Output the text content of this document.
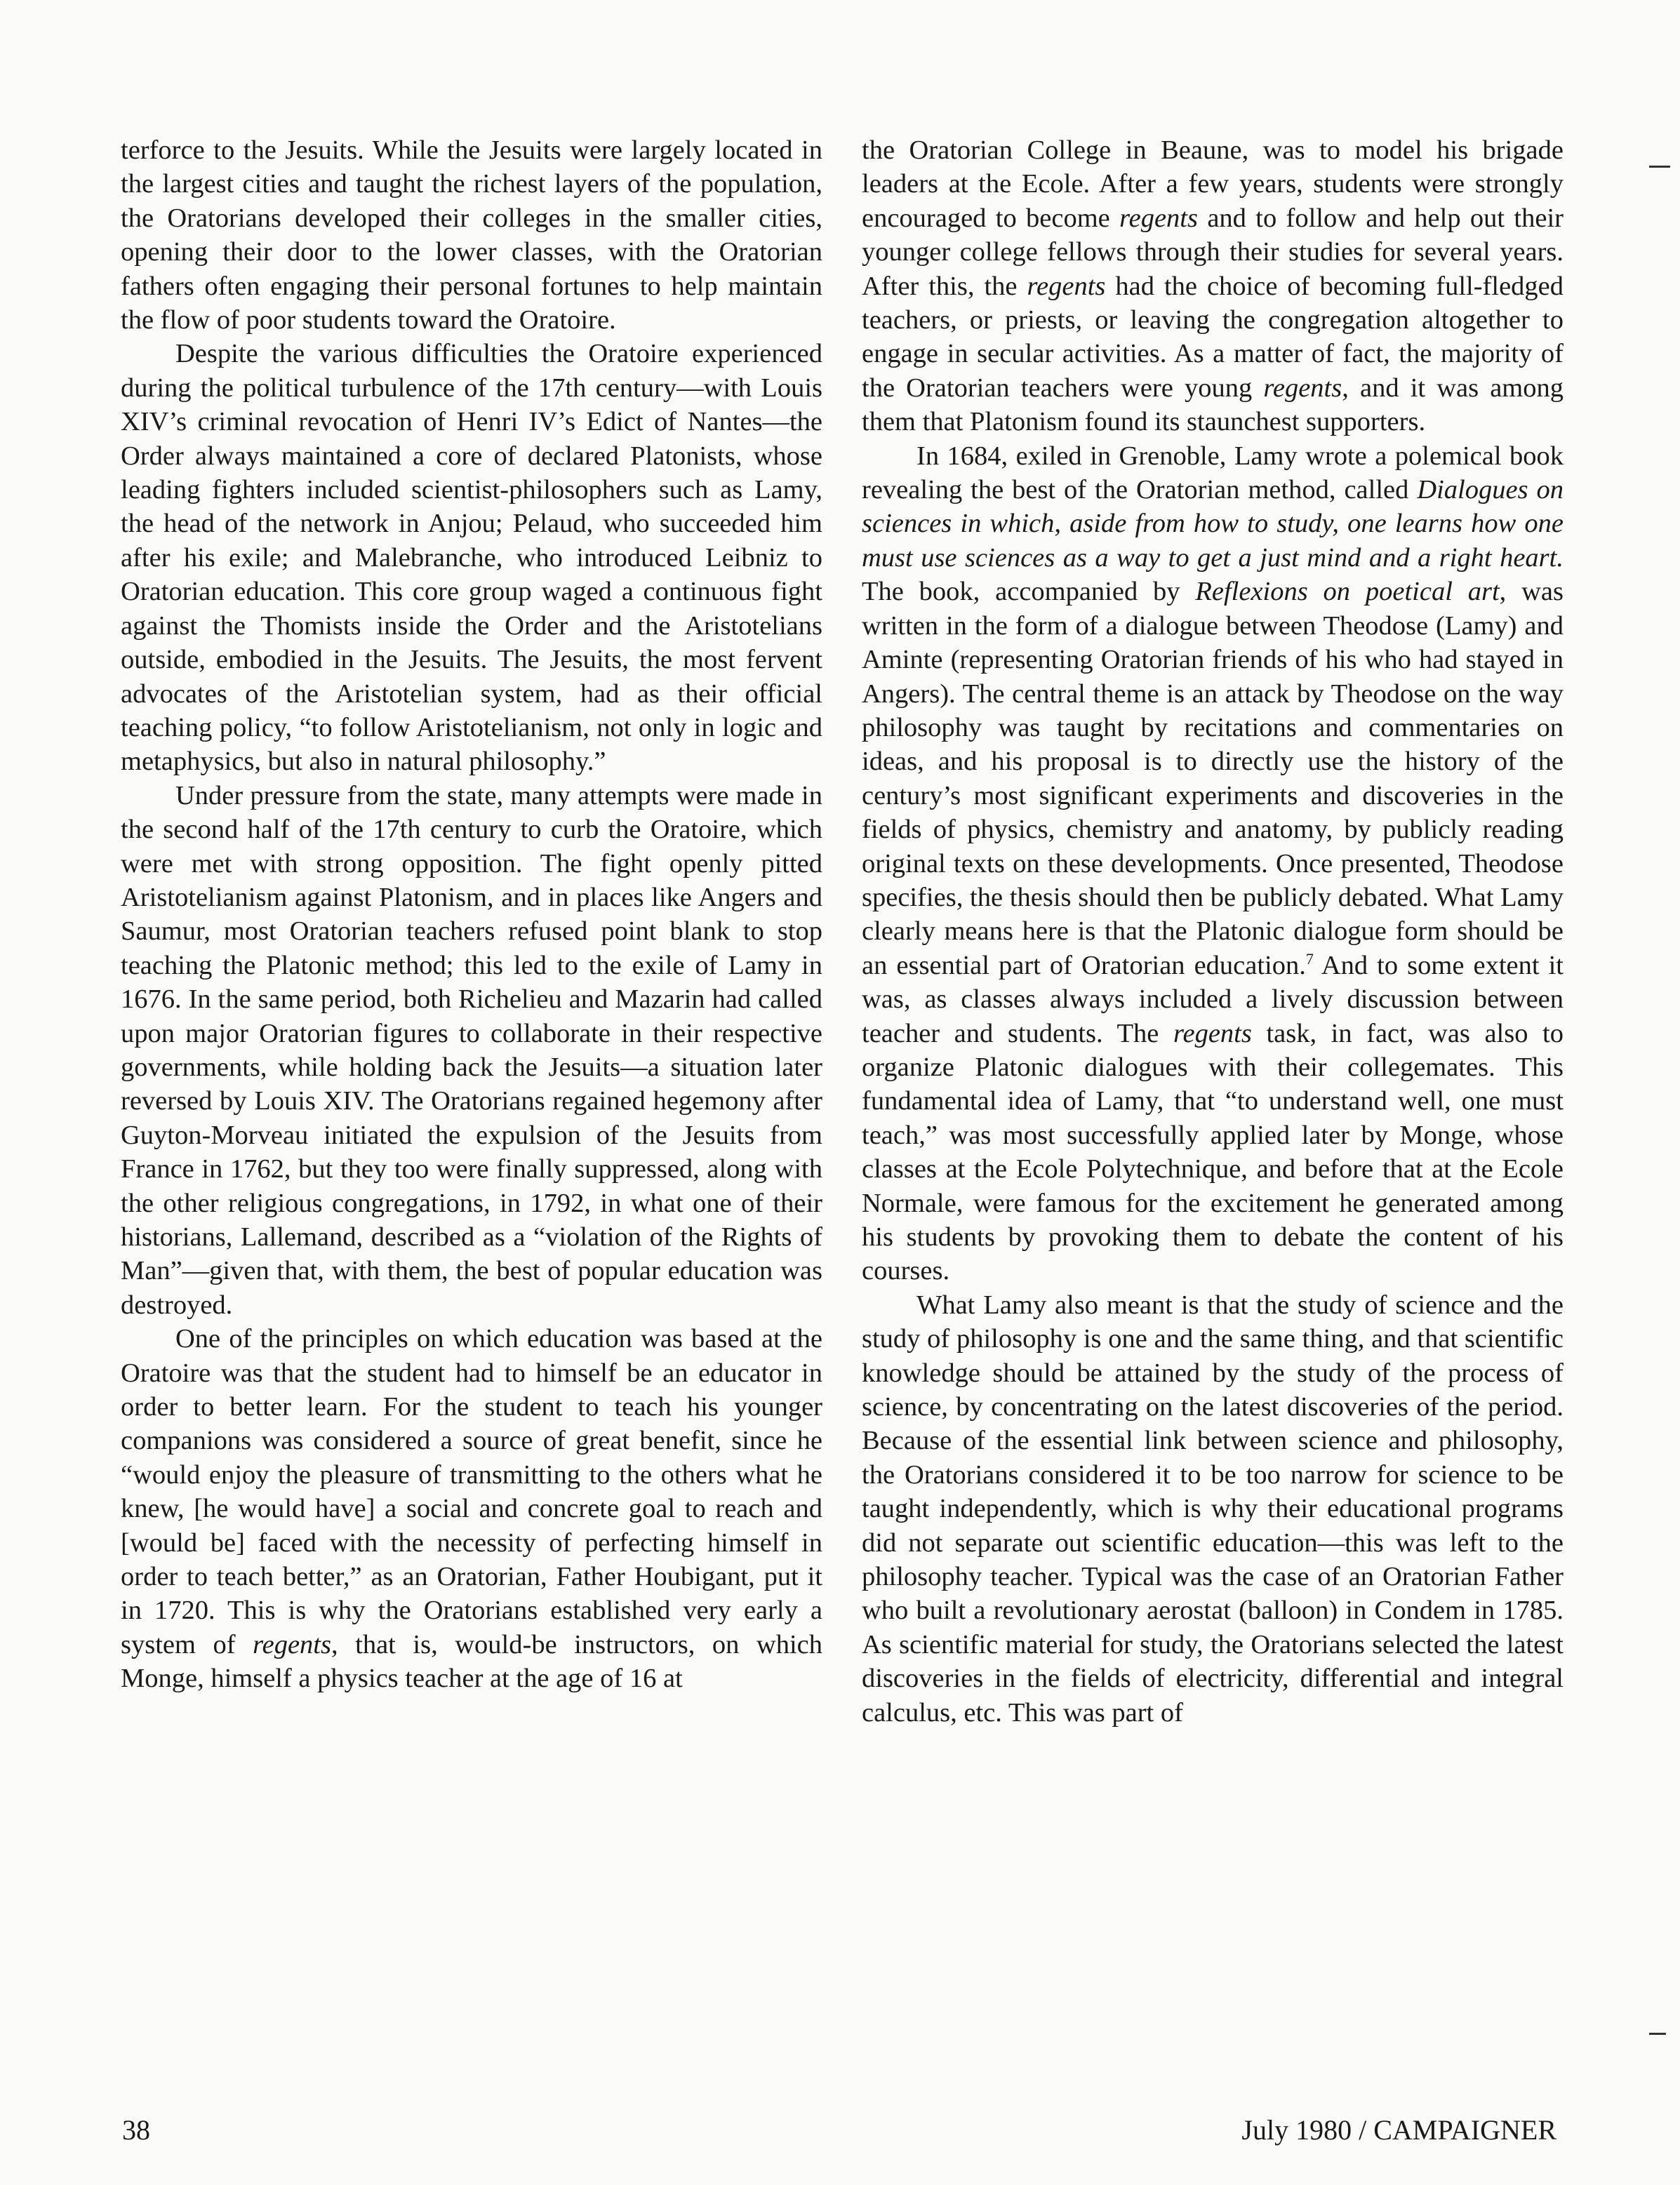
terforce to the Jesuits. While the Jesuits were largely located in the largest cities and taught the richest layers of the population, the Oratorians developed their colleges in the smaller cities, opening their door to the lower classes, with the Oratorian fathers often engaging their personal fortunes to help maintain the flow of poor students toward the Oratoire.

Despite the various difficulties the Oratoire experienced during the political turbulence of the 17th century—with Louis XIV’s criminal revocation of Henri IV’s Edict of Nantes—the Order always maintained a core of declared Platonists, whose leading fighters included scientist-philosophers such as Lamy, the head of the network in Anjou; Pelaud, who succeeded him after his exile; and Malebranche, who introduced Leibniz to Oratorian education. This core group waged a continuous fight against the Thomists inside the Order and the Aristotelians outside, embodied in the Jesuits. The Jesuits, the most fervent advocates of the Aristotelian system, had as their official teaching policy, “to follow Aristotelianism, not only in logic and metaphysics, but also in natural philosophy.”

Under pressure from the state, many attempts were made in the second half of the 17th century to curb the Oratoire, which were met with strong opposition. The fight openly pitted Aristotelianism against Platonism, and in places like Angers and Saumur, most Oratorian teachers refused point blank to stop teaching the Platonic method; this led to the exile of Lamy in 1676. In the same period, both Richelieu and Mazarin had called upon major Oratorian figures to collaborate in their respective governments, while holding back the Jesuits—a situation later reversed by Louis XIV. The Oratorians regained hegemony after Guyton-Morveau initiated the expulsion of the Jesuits from France in 1762, but they too were finally suppressed, along with the other religious congregations, in 1792, in what one of their historians, Lallemand, described as a “violation of the Rights of Man”—given that, with them, the best of popular education was destroyed.

One of the principles on which education was based at the Oratoire was that the student had to himself be an educator in order to better learn. For the student to teach his younger companions was considered a source of great benefit, since he “would enjoy the pleasure of transmitting to the others what he knew, [he would have] a social and concrete goal to reach and [would be] faced with the necessity of perfecting himself in order to teach better,” as an Oratorian, Father Houbigant, put it in 1720. This is why the Oratorians established very early a system of regents, that is, would-be instructors, on which Monge, himself a physics teacher at the age of 16 at

the Oratorian College in Beaune, was to model his brigade leaders at the Ecole. After a few years, students were strongly encouraged to become regents and to follow and help out their younger college fellows through their studies for several years. After this, the regents had the choice of becoming full-fledged teachers, or priests, or leaving the congregation altogether to engage in secular activities. As a matter of fact, the majority of the Oratorian teachers were young regents, and it was among them that Platonism found its staunchest supporters.

In 1684, exiled in Grenoble, Lamy wrote a polemical book revealing the best of the Oratorian method, called Dialogues on sciences in which, aside from how to study, one learns how one must use sciences as a way to get a just mind and a right heart. The book, accompanied by Reflexions on poetical art, was written in the form of a dialogue between Theodose (Lamy) and Aminte (representing Oratorian friends of his who had stayed in Angers). The central theme is an attack by Theodose on the way philosophy was taught by recitations and commentaries on ideas, and his proposal is to directly use the history of the century’s most significant experiments and discoveries in the fields of physics, chemistry and anatomy, by publicly reading original texts on these developments. Once presented, Theodose specifies, the thesis should then be publicly debated. What Lamy clearly means here is that the Platonic dialogue form should be an essential part of Oratorian education.$^7$ And to some extent it was, as classes always included a lively discussion between teacher and students. The regents task, in fact, was also to organize Platonic dialogues with their collegemates. This fundamental idea of Lamy, that “to understand well, one must teach,” was most successfully applied later by Monge, whose classes at the Ecole Polytechnique, and before that at the Ecole Normale, were famous for the excitement he generated among his students by provoking them to debate the content of his courses.

What Lamy also meant is that the study of science and the study of philosophy is one and the same thing, and that scientific knowledge should be attained by the study of the process of science, by concentrating on the latest discoveries of the period. Because of the essential link between science and philosophy, the Oratorians considered it to be too narrow for science to be taught independently, which is why their educational programs did not separate out scientific education—this was left to the philosophy teacher. Typical was the case of an Oratorian Father who built a revolutionary aerostat (balloon) in Condem in 1785. As scientific material for study, the Oratorians selected the latest discoveries in the fields of electricity, differential and integral calculus, etc. This was part of

38	July 1980 / CAMPAIGNER
